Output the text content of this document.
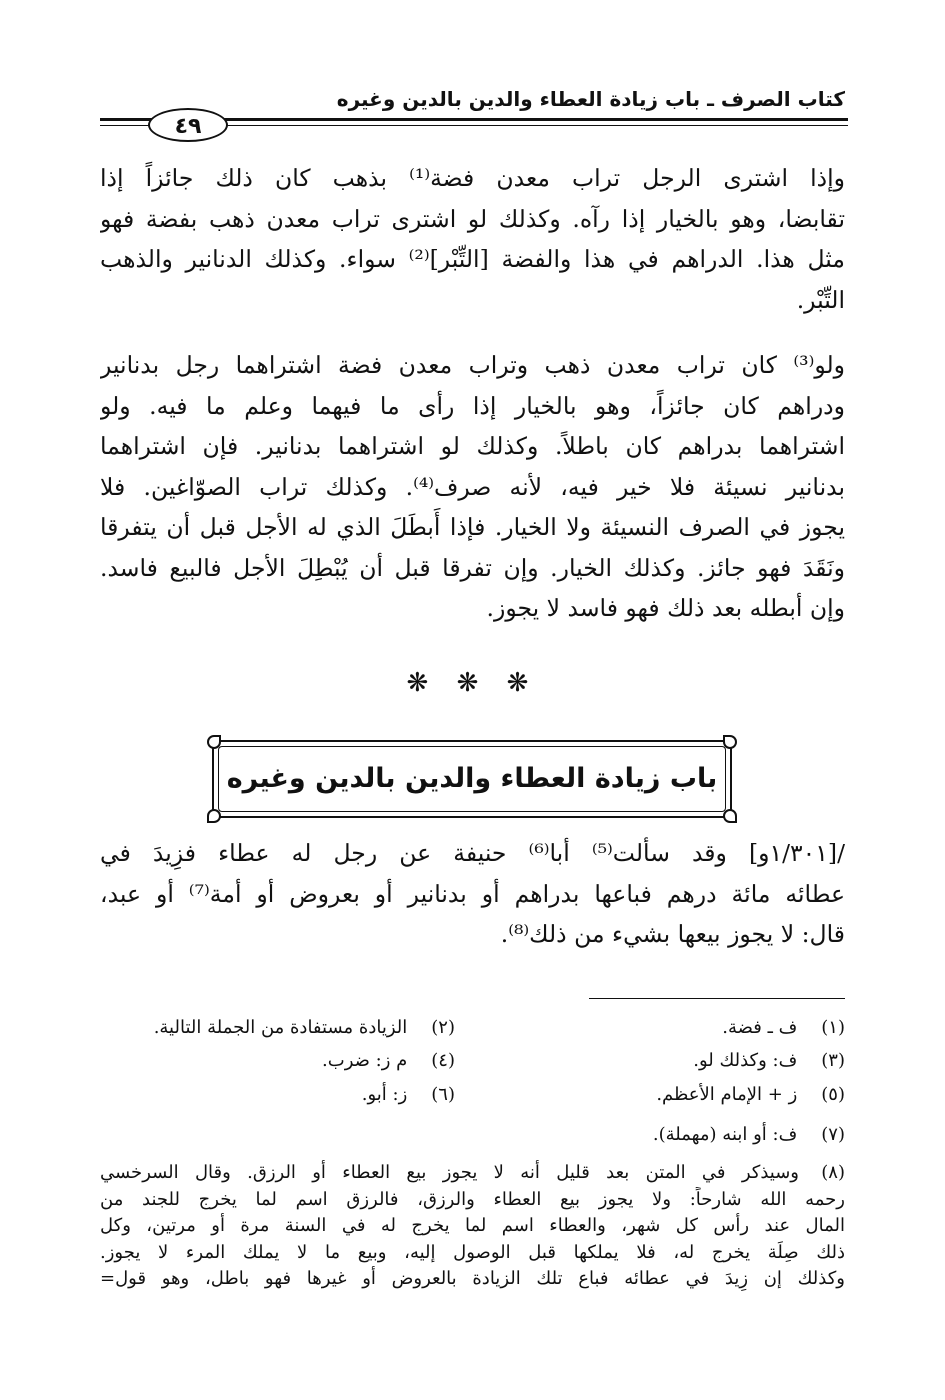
كتاب الصرف ـ باب زيادة العطاء والدين بالدين وغيره
٤٩
وإذا اشترى الرجل تراب معدن فضة⁽¹⁾ بذهب كان ذلك جائزاً إذا
تقابضا، وهو بالخيار إذا رآه. وكذلك لو اشترى تراب معدن ذهب بفضة فهو
مثل هذا. الدراهم في هذا والفضة [التِّبْر]⁽²⁾ سواء. وكذلك الدنانير والذهب
التِّبْر.
ولو⁽³⁾ كان تراب معدن ذهب وتراب معدن فضة اشتراهما رجل بدنانير
ودراهم كان جائزاً، وهو بالخيار إذا رأى ما فيهما وعلم ما فيه. ولو
اشتراهما بدراهم كان باطلاً. وكذلك لو اشتراهما بدنانير. فإن اشتراهما
بدنانير نسيئة فلا خير فيه، لأنه صرف⁽⁴⁾. وكذلك تراب الصوّاغين. فلا
يجوز في الصرف النسيئة ولا الخيار. فإذا أَبطَلَ الذي له الأجل قبل أن يتفرقا
ونَقَدَ فهو جائز. وكذلك الخيار. وإن تفرقا قبل أن يُبْطِلَ الأجل فالبيع فاسد.
وإن أبطله بعد ذلك فهو فاسد لا يجوز.
❋ ❋ ❋
باب زيادة العطاء والدين بالدين وغيره
/[١/٣٠١و] وقد سألت⁽⁵⁾ أبا⁽⁶⁾ حنيفة عن رجل له عطاء فزِيدَ في
عطائه مائة درهم فباعها بدراهم أو بدنانير أو بعروض أو أمة⁽⁷⁾ أو عبد،
قال: لا يجوز بيعها بشيء من ذلك⁽⁸⁾.
(١) ف ـ فضة.
(٢) الزيادة مستفادة من الجملة التالية.
(٣) ف: وكذلك لو.
(٤) م ز: ضرب.
(٥) ز + الإمام الأعظم.
(٦) ز: أبو.
(٧) ف: أو ابنه (مهملة).
(٨)
وسيذكر في المتن بعد قليل أنه لا يجوز بيع العطاء أو الرزق. وقال السرخسي
رحمه الله شارحاً: ولا يجوز بيع العطاء والرزق، فالرزق اسم لما يخرج للجند من
المال عند رأس كل شهر، والعطاء اسم لما يخرج له في السنة مرة أو مرتين، وكل
ذلك صِلَة يخرج له، فلا يملكها قبل الوصول إليه، وبيع ما لا يملك المرء لا يجوز.
وكذلك إن زِيدَ في عطائه فباع تلك الزيادة بالعروض أو غيرها فهو باطل، وهو قول=
